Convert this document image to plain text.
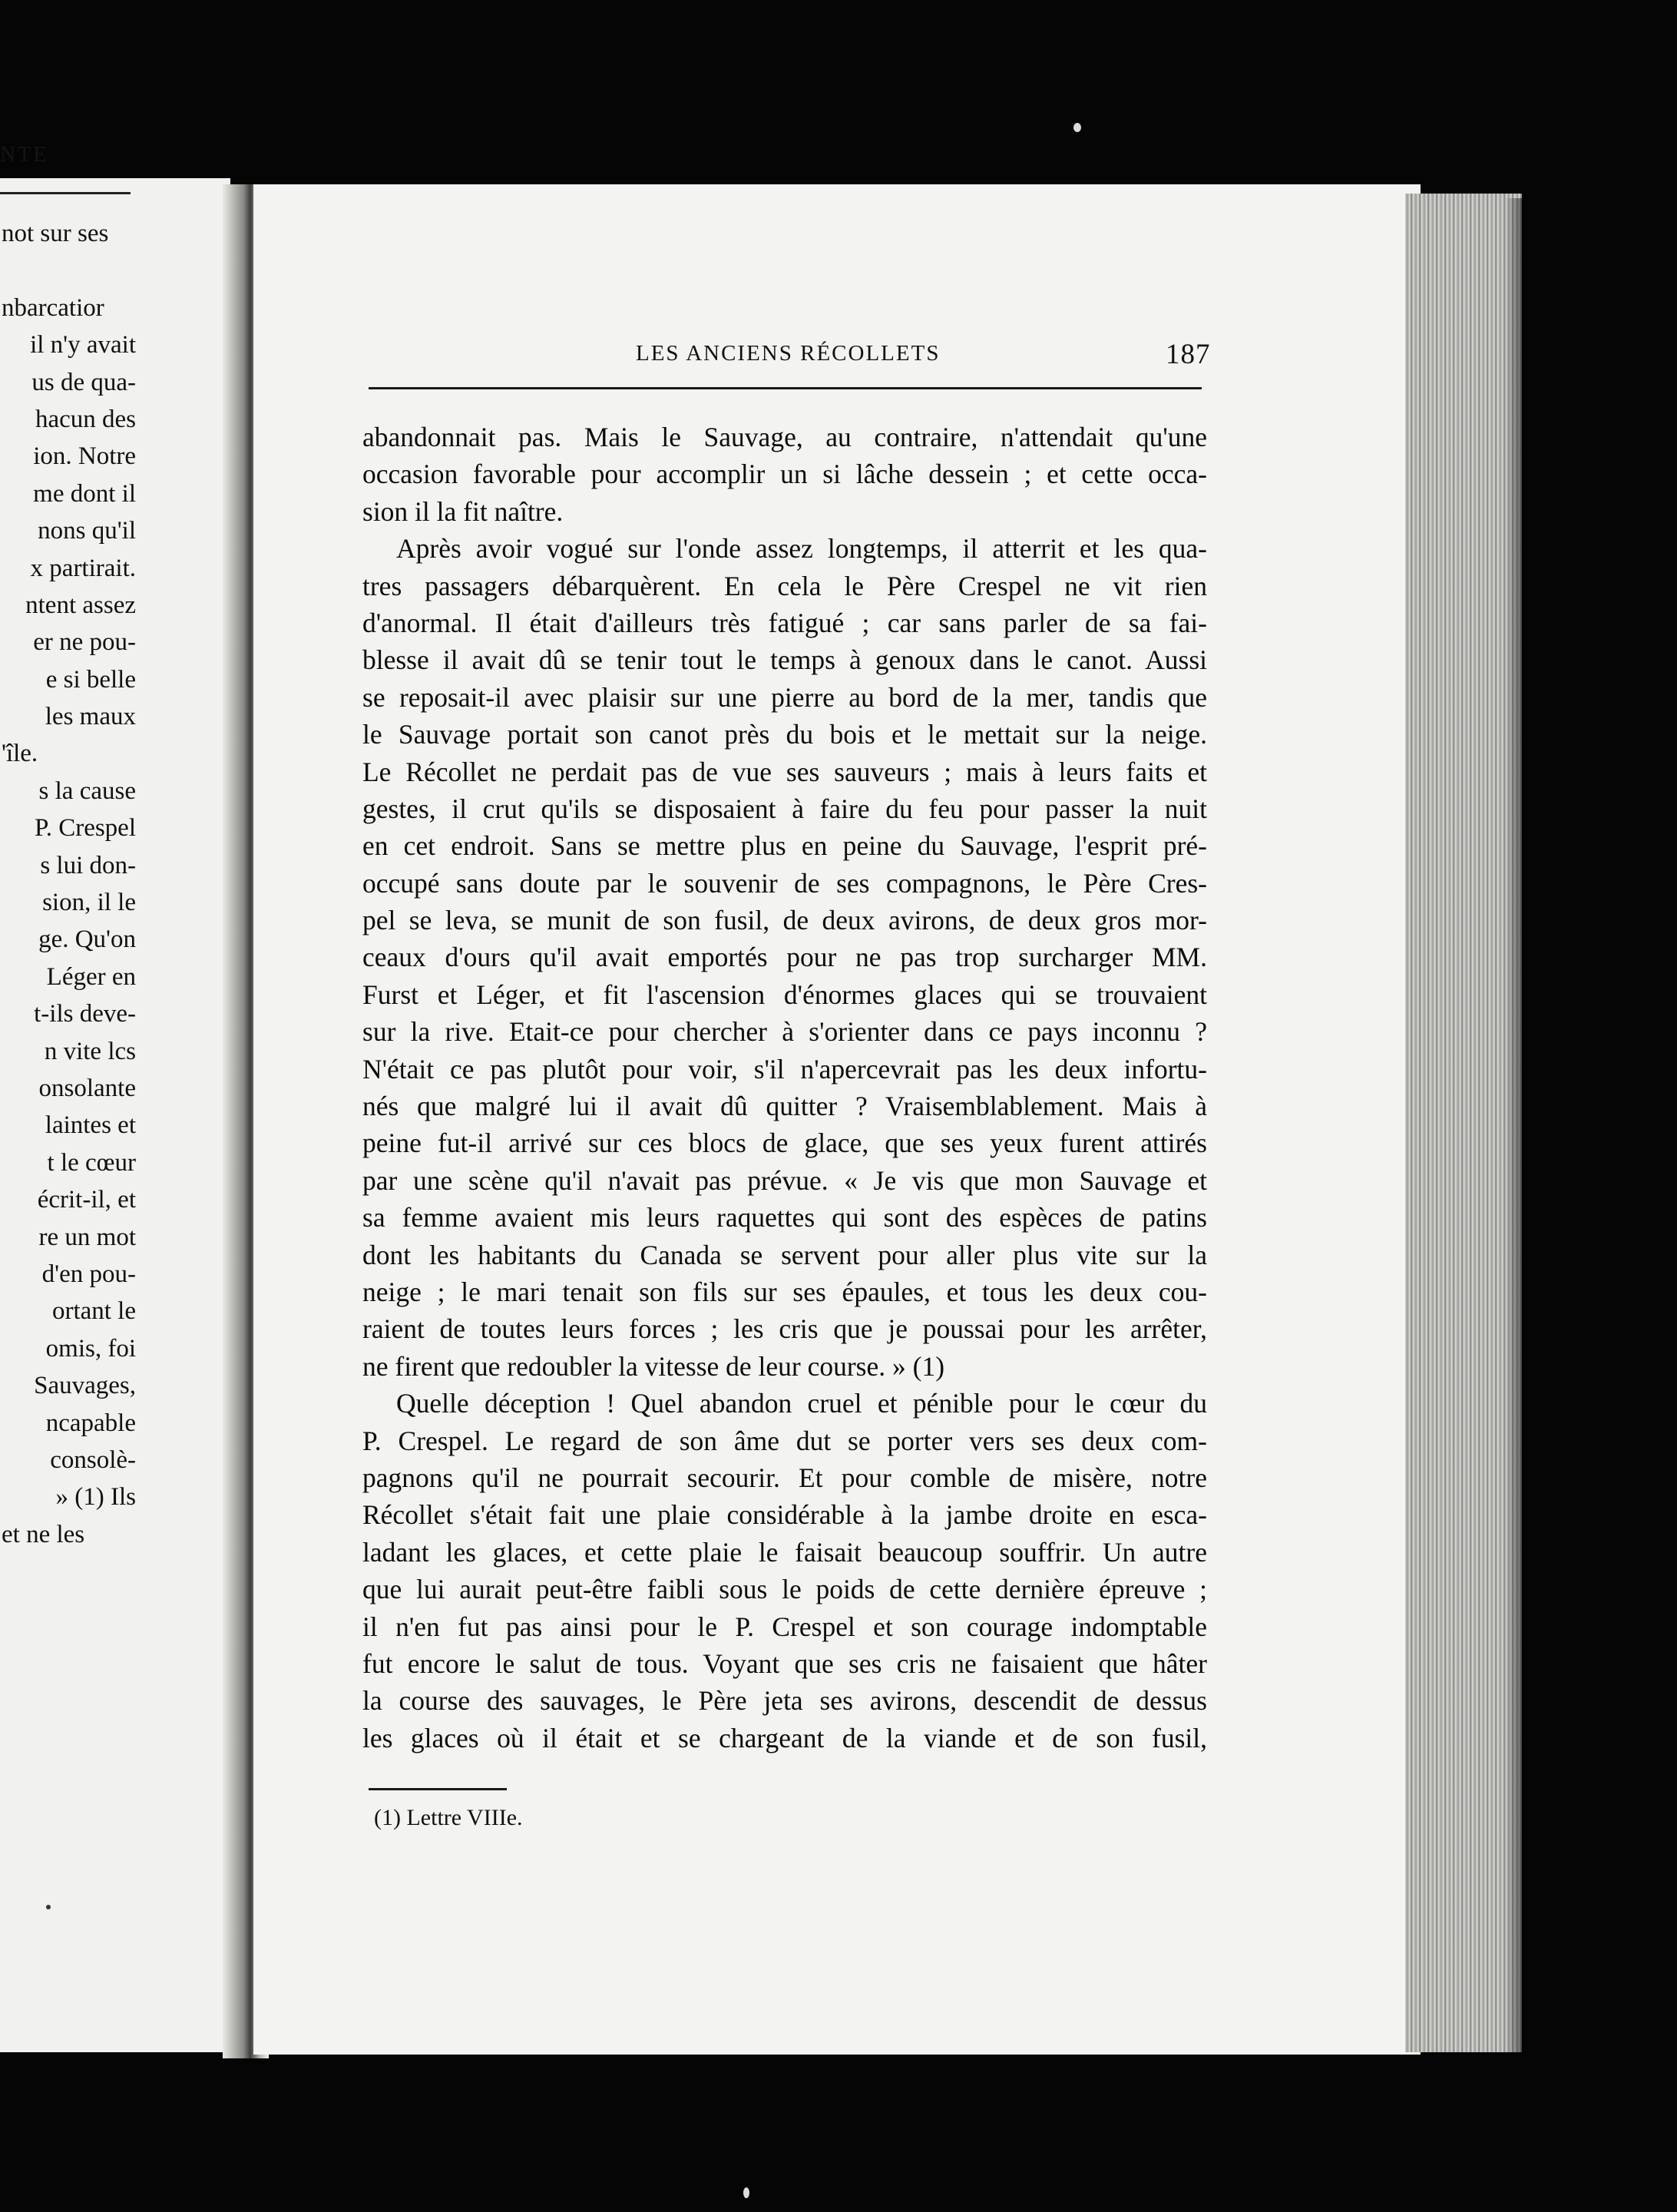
NTE
not sur ses
nbarcatior
il n'y avait
us de qua-
hacun des
ion. Notre
me dont il
nons qu'il
x partirait.
ntent assez
er ne pou-
e si belle
les maux
'île.
s la cause
P. Crespel
s lui don-
sion, il le
ge. Qu'on
Léger en
t-ils deve-
n vite lcs
onsolante
laintes et
t le cœur
écrit-il, et
re un mot
d'en pou-
ortant le
omis, foi
Sauvages,
ncapable
consolè-
» (1) Ils
et ne les
LES ANCIENS RÉCOLLETS	187
abandonnait pas. Mais le Sauvage, au contraire, n'attendait qu'une
occasion favorable pour accomplir un si lâche dessein ; et cette occa-
sion il la fit naître.
Après avoir vogué sur l'onde assez longtemps, il atterrit et les qua-
tres passagers débarquèrent. En cela le Père Crespel ne vit rien
d'anormal. Il était d'ailleurs très fatigué ; car sans parler de sa fai-
blesse il avait dû se tenir tout le temps à genoux dans le canot. Aussi
se reposait-il avec plaisir sur une pierre au bord de la mer, tandis que
le Sauvage portait son canot près du bois et le mettait sur la neige.
Le Récollet ne perdait pas de vue ses sauveurs ; mais à leurs faits et
gestes, il crut qu'ils se disposaient à faire du feu pour passer la nuit
en cet endroit. Sans se mettre plus en peine du Sauvage, l'esprit pré-
occupé sans doute par le souvenir de ses compagnons, le Père Cres-
pel se leva, se munit de son fusil, de deux avirons, de deux gros mor-
ceaux d'ours qu'il avait emportés pour ne pas trop surcharger MM.
Furst et Léger, et fit l'ascension d'énormes glaces qui se trouvaient
sur la rive. Etait-ce pour chercher à s'orienter dans ce pays inconnu ?
N'était ce pas plutôt pour voir, s'il n'apercevrait pas les deux infortu-
nés que malgré lui il avait dû quitter ? Vraisemblablement. Mais à
peine fut-il arrivé sur ces blocs de glace, que ses yeux furent attirés
par une scène qu'il n'avait pas prévue. « Je vis que mon Sauvage et
sa femme avaient mis leurs raquettes qui sont des espèces de patins
dont les habitants du Canada se servent pour aller plus vite sur la
neige ; le mari tenait son fils sur ses épaules, et tous les deux cou-
raient de toutes leurs forces ; les cris que je poussai pour les arrêter,
ne firent que redoubler la vitesse de leur course. » (1)
Quelle déception ! Quel abandon cruel et pénible pour le cœur du
P. Crespel. Le regard de son âme dut se porter vers ses deux com-
pagnons qu'il ne pourrait secourir. Et pour comble de misère, notre
Récollet s'était fait une plaie considérable à la jambe droite en esca-
ladant les glaces, et cette plaie le faisait beaucoup souffrir. Un autre
que lui aurait peut-être faibli sous le poids de cette dernière épreuve ;
il n'en fut pas ainsi pour le P. Crespel et son courage indomptable
fut encore le salut de tous. Voyant que ses cris ne faisaient que hâter
la course des sauvages, le Père jeta ses avirons, descendit de dessus
les glaces où il était et se chargeant de la viande et de son fusil,
(1) Lettre VIIIe.
